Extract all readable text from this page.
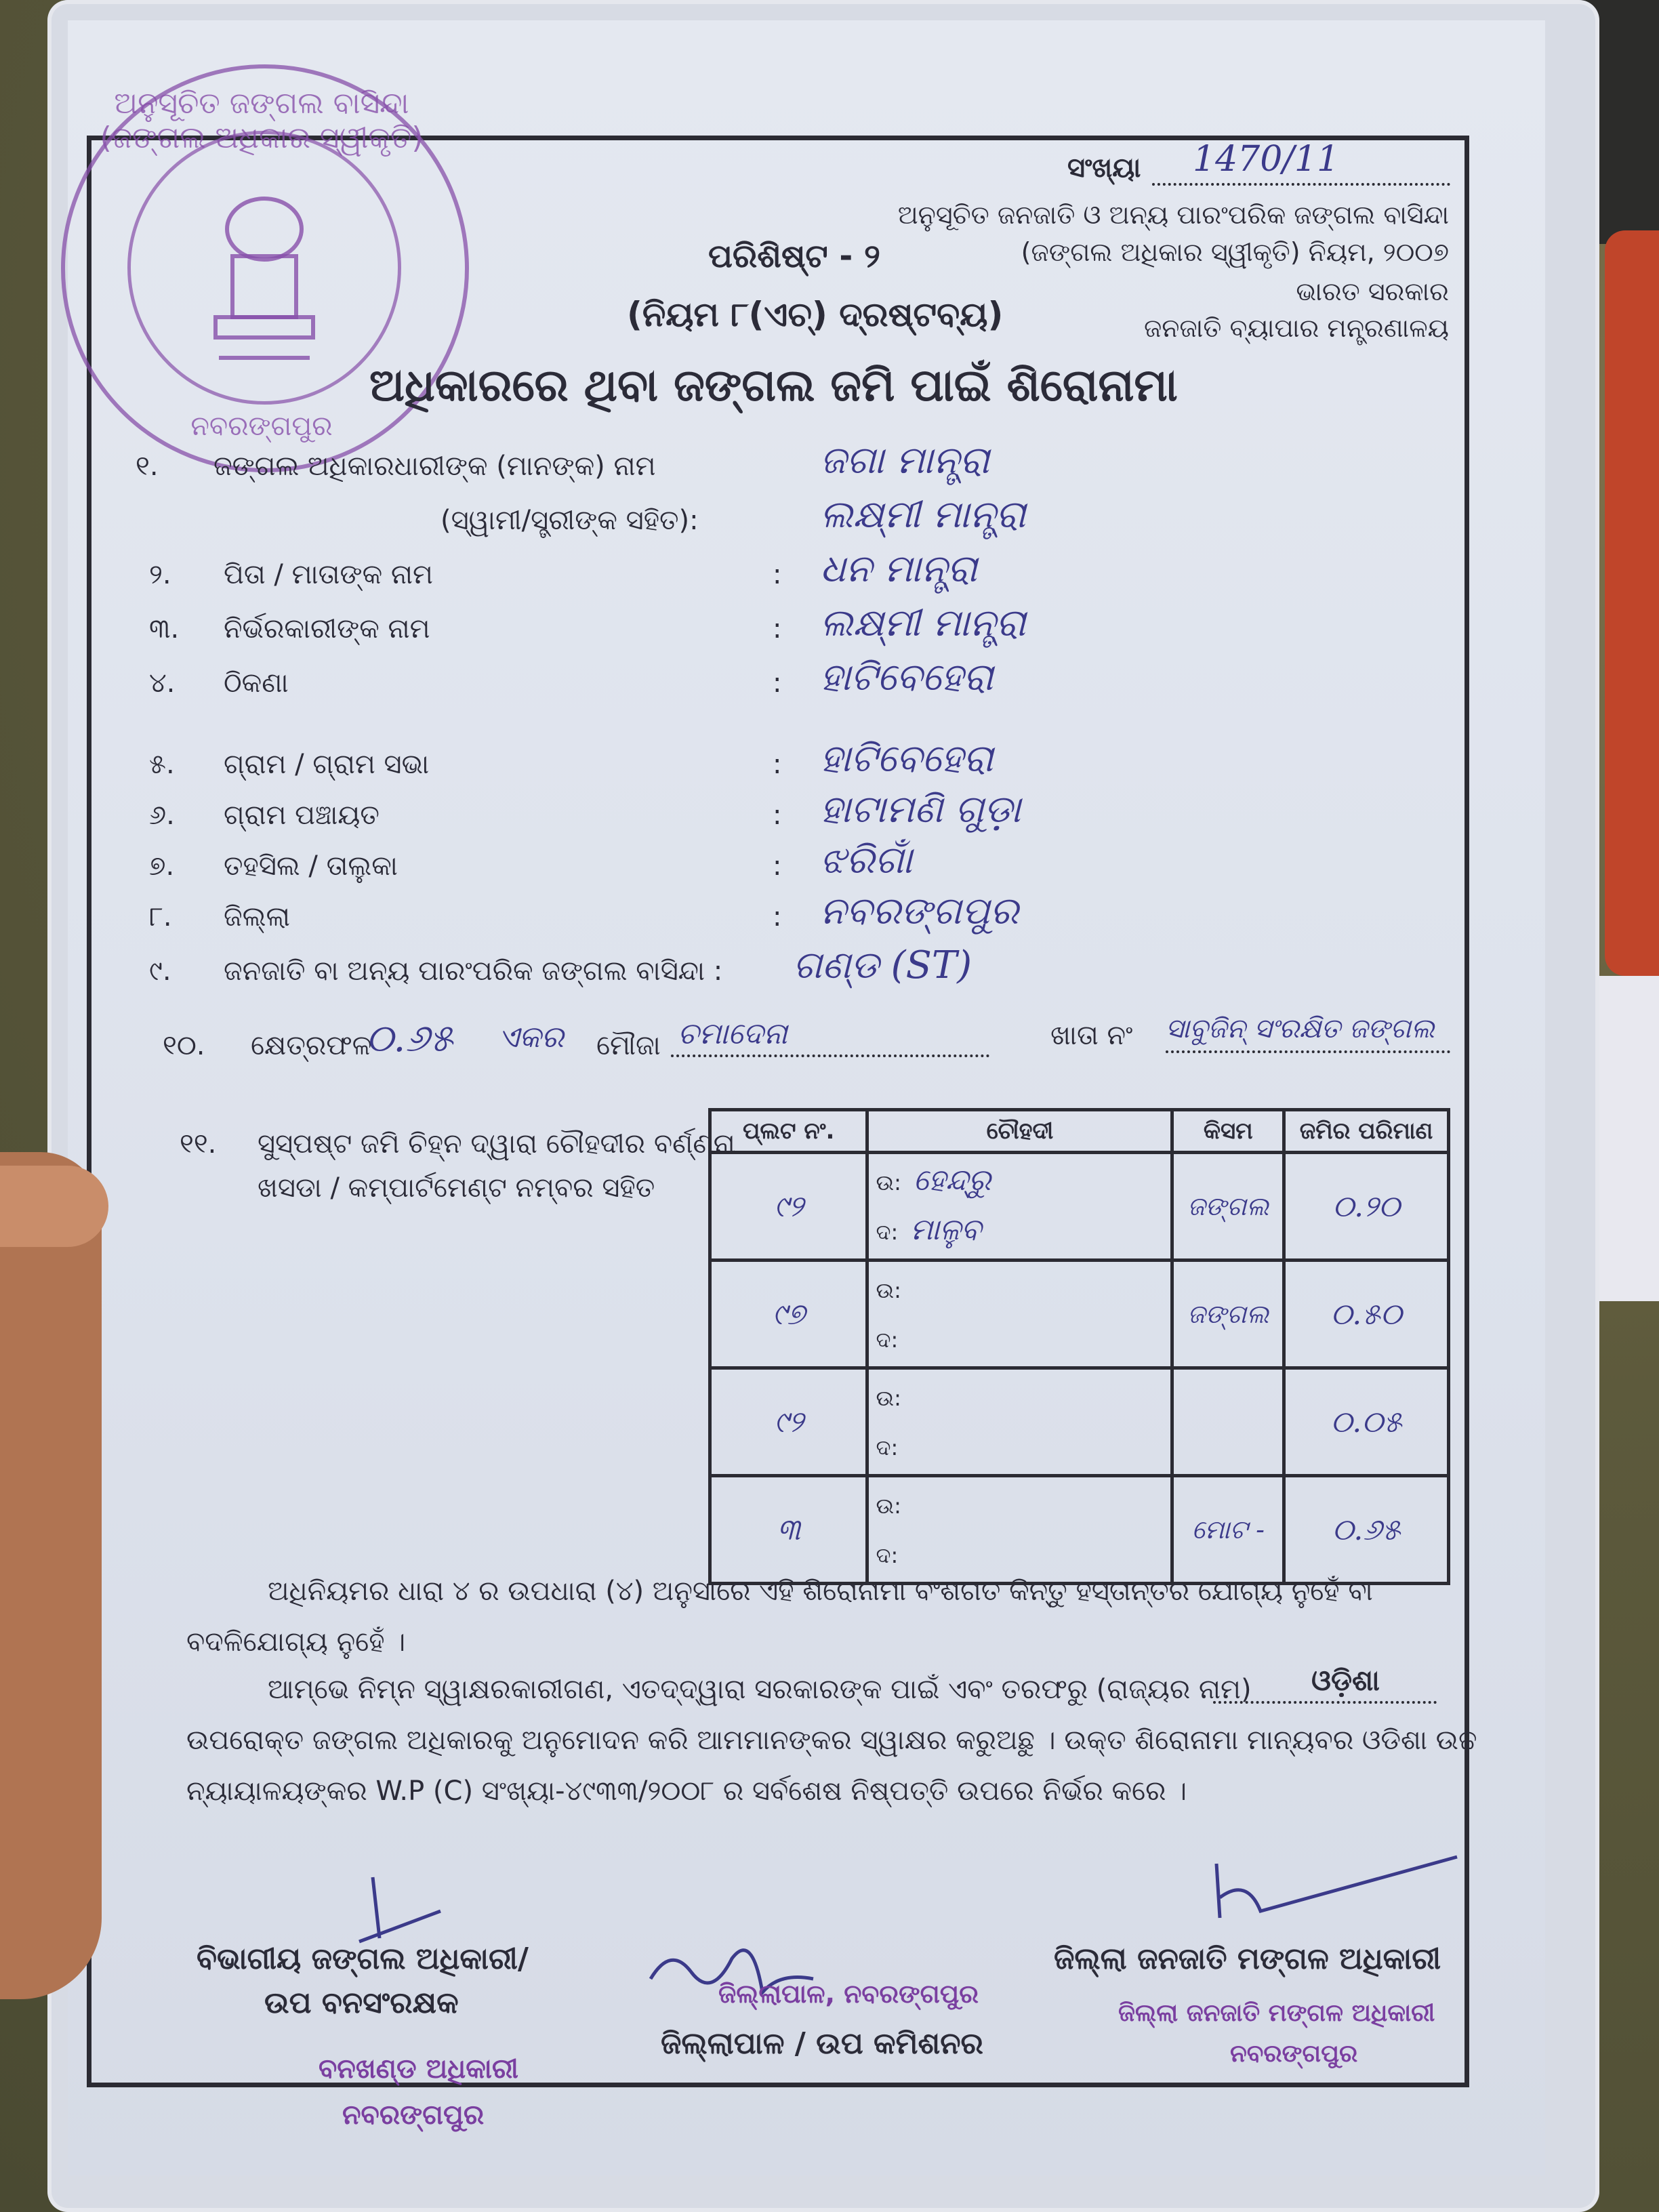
ଅନୁସୂଚିତ ଜଙ୍ଗଲ ବାସିନ୍ଦା (ଜଙ୍ଗଲ ଅଧିକାର ସ୍ୱୀକୃତି)
ନବରଙ୍ଗପୁର
ସଂଖ୍ୟା 1470/11
ଅନୁସୂଚିତ ଜନଜାତି ଓ ଅନ୍ୟ ପାରଂପରିକ ଜଙ୍ଗଲ ବାସିନ୍ଦା
(ଜଙ୍ଗଲ ଅଧିକାର ସ୍ୱୀକୃତି) ନିୟମ, ୨୦୦୭
ଭାରତ ସରକାର
ଜନଜାତି ବ୍ୟାପାର ମନ୍ତ୍ରଣାଳୟ
ପରିଶିଷ୍ଟ - ୨
(ନିୟମ ୮(ଏଚ୍) ଦ୍ରଷ୍ଟବ୍ୟ)
ଅଧିକାରରେ ଥିବା ଜଙ୍ଗଲ ଜମି ପାଇଁ ଶିରୋନାମା
୧. ଜଙ୍ଗଲ ଅଧିକାରଧାରୀଙ୍କ (ମାନଙ୍କ) ନାମ	ଜଗା ମାନ୍ତ୍ରା
(ସ୍ୱାମୀ/ସ୍ତ୍ରୀଙ୍କ ସହିତ):	ଲକ୍ଷ୍ମୀ ମାନ୍ତ୍ରା
୨. ପିତା / ମାତାଙ୍କ ନାମ	: ଧନ ମାନ୍ତ୍ରା
୩. ନିର୍ଭରକାରୀଙ୍କ ନାମ	: ଲକ୍ଷ୍ମୀ ମାନ୍ତ୍ରା
୪. ଠିକଣା	: ହାଟିବେହେରା
୫. ଗ୍ରାମ / ଗ୍ରାମ ସଭା	: ହାଟିବେହେରା
୬. ଗ୍ରାମ ପଞ୍ଚାୟତ	: ହାଟାମଣି ଗୁଡ଼ା
୭. ତହସିଲ / ତାଲୁକା	: ଝରିଗାଁ
୮. ଜିଲ୍ଲା	: ନବରଙ୍ଗପୁର
୯. ଜନଜାତି ବା ଅନ୍ୟ ପାରଂପରିକ ଜଙ୍ଗଲ ବାସିନ୍ଦା : ଗଣ୍ଡ (ST)
୧୦. କ୍ଷେତ୍ରଫଳ
୦.୬୫ ଏକର ମୌଜା ଚମାଦେନା	ଖାତା ନଂ ସାବୁଜିନ୍ ସଂରକ୍ଷିତ ଜଙ୍ଗଲ
୧୧. ସୁସ୍ପଷ୍ଟ ଜମି ଚିହ୍ନ ଦ୍ୱାରା ଚୌହଦୀର ବର୍ଣ୍ଣନା
ଖସଡା / କମ୍ପାର୍ଟମେଣ୍ଟ ନମ୍ବର ସହିତ
ପ୍ଲଟ ନଂ.	ଚୌହଦୀ	କିସମ	ଜମିର ପରିମାଣ
୯୨	ଉ: ହେନ୍ଦ୍ରୁ
ଦ: ମାଳୁବ	ଜଙ୍ଗଲ	୦.୨୦
୯୭	ଉ:
ଦ:	ଜଙ୍ଗଲ	୦.୫୦
୯୨	ଉ:
ଦ:		୦.୦୫
୩	ଉ:
ଦ:	ମୋଟ -	୦.୬୫
ଅଧିନିୟମର ଧାରା ୪ ର ଉପଧାରା (୪) ଅନୁସାରେ ଏହି ଶିରୋନାମା ବଂଶଗତ କିନ୍ତୁ ହସ୍ତାନ୍ତର ଯୋଗ୍ୟ ନୁହେଁ ବା
ବଦଳିଯୋଗ୍ୟ ନୁହେଁ ।
ଆମ୍ଭେ ନିମ୍ନ ସ୍ୱାକ୍ଷରକାରୀଗଣ, ଏତଦ୍‌ଦ୍ୱାରା ସରକାରଙ୍କ ପାଇଁ ଏବଂ ତରଫରୁ (ରାଜ୍ୟର ନାମ) ଓଡ଼ିଶା
ଉପରୋକ୍ତ ଜଙ୍ଗଲ ଅଧିକାରକୁ ଅନୁମୋଦନ କରି ଆମମାନଙ୍କର ସ୍ୱାକ୍ଷର କରୁଅଛୁ । ଉକ୍ତ ଶିରୋନାମା ମାନ୍ୟବର ଓଡିଶା ଉଚ୍ଚ
ନ୍ୟାୟାଳୟଙ୍କର W.P (C) ସଂଖ୍ୟା-୪୯୩୩/୨୦୦୮ ର ସର୍ବଶେଷ ନିଷ୍ପତ୍ତି ଉପରେ ନିର୍ଭର କରେ ।
ବିଭାଗୀୟ ଜଙ୍ଗଲ ଅଧିକାରୀ/
ଉପ ବନସଂରକ୍ଷକ
ବନଖଣ୍ଡ ଅଧିକାରୀ
ନବରଙ୍ଗପୁର
ଜିଲ୍ଲାପାଳ, ନବରଙ୍ଗପୁର
ଜିଲ୍ଲାପାଳ / ଉପ କମିଶନର
ଜିଲ୍ଲା ଜନଜାତି ମଙ୍ଗଳ ଅଧିକାରୀ
ଜିଲ୍ଲା ଜନଜାତି ମଙ୍ଗଳ ଅଧିକାରୀ
ନବରଙ୍ଗପୁର
